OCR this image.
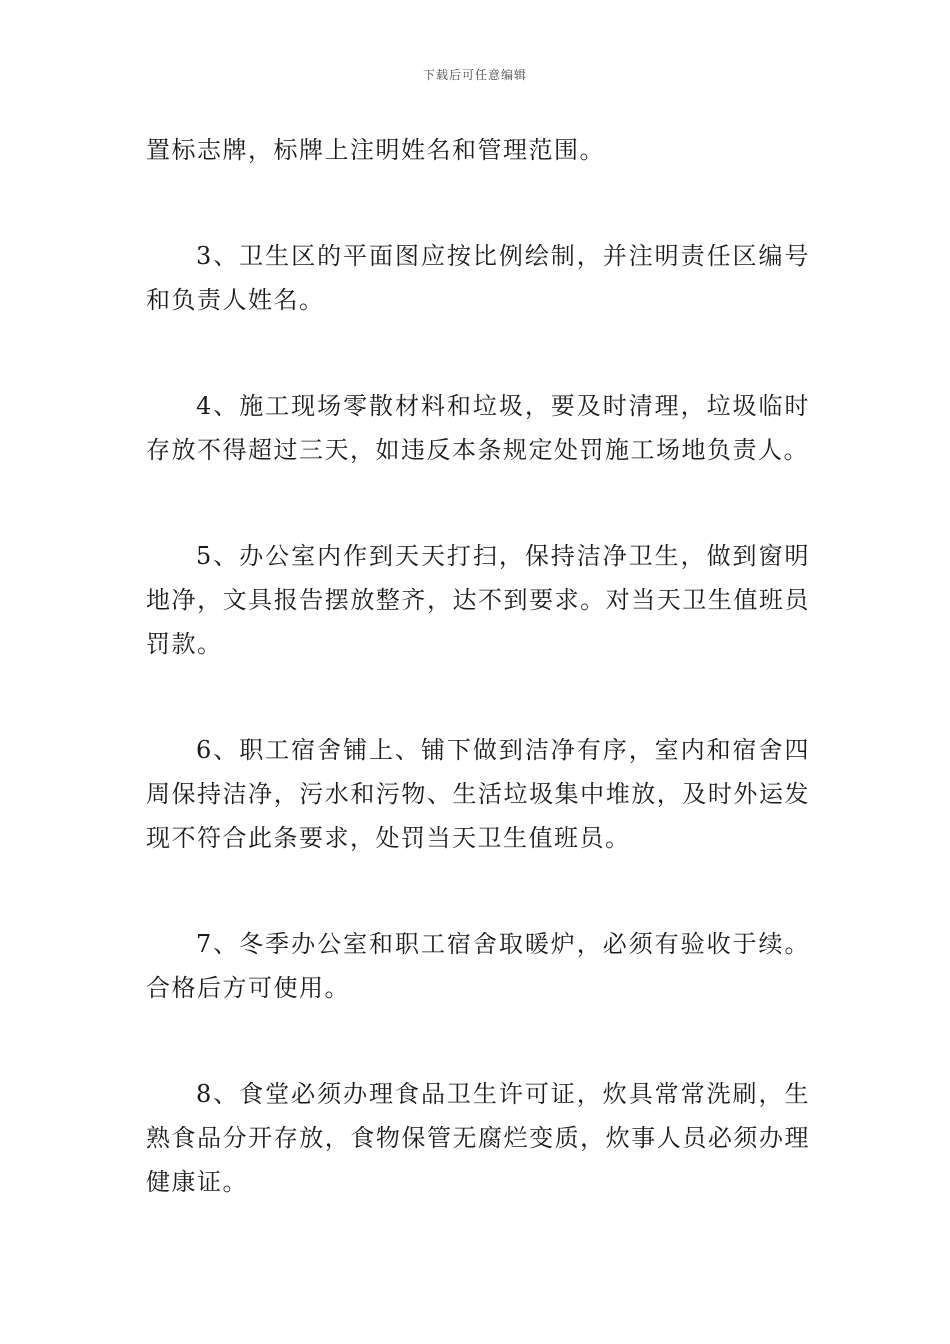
下载后可任意编辑

置标志牌，标牌上注明姓名和管理范围。

3、卫生区的平面图应按比例绘制，并注明责任区编号和负责人姓名。

4、施工现场零散材料和垃圾，要及时清理，垃圾临时存放不得超过三天，如违反本条规定处罚施工场地负责人。

5、办公室内作到天天打扫，保持洁净卫生，做到窗明地净，文具报告摆放整齐，达不到要求。对当天卫生值班员罚款。

6、职工宿舍铺上、铺下做到洁净有序，室内和宿舍四周保持洁净，污水和污物、生活垃圾集中堆放，及时外运发现不符合此条要求，处罚当天卫生值班员。

7、冬季办公室和职工宿舍取暖炉，必须有验收于续。合格后方可使用。

8、食堂必须办理食品卫生许可证，炊具常常洗刷，生熟食品分开存放，食物保管无腐烂变质，炊事人员必须办理健康证。
